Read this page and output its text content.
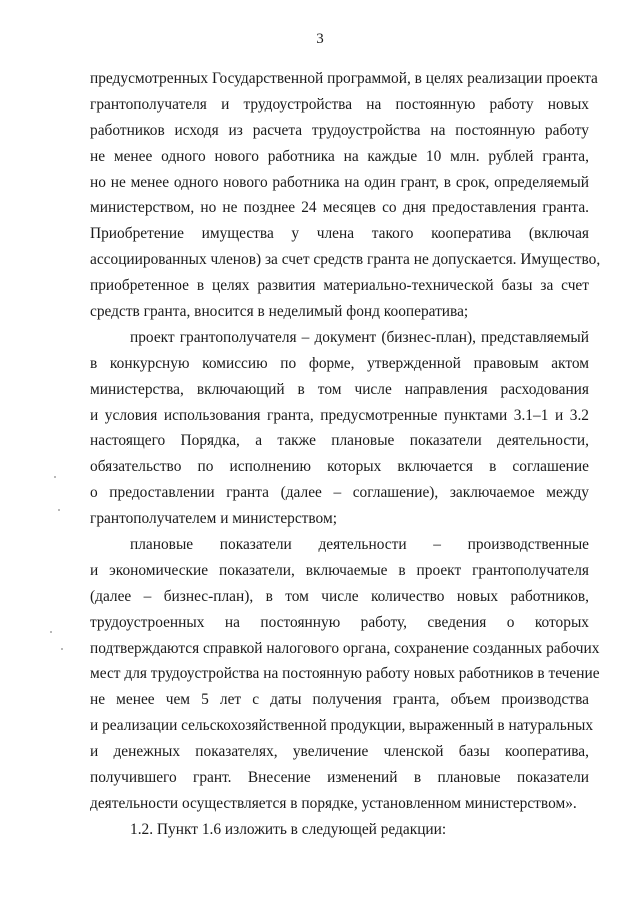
3
предусмотренных Государственной программой, в целях реализации проекта
грантополучателя и трудоустройства на постоянную работу новых
работников исходя из расчета трудоустройства на постоянную работу
не менее одного нового работника на каждые 10 млн. рублей гранта,
но не менее одного нового работника на один грант, в срок, определяемый
министерством, но не позднее 24 месяцев со дня предоставления гранта.
Приобретение имущества у члена такого кооператива (включая
ассоциированных членов) за счет средств гранта не допускается. Имущество,
приобретенное в целях развития материально-технической базы за счет
средств гранта, вносится в неделимый фонд кооператива;
проект грантополучателя – документ (бизнес-план), представляемый
в конкурсную комиссию по форме, утвержденной правовым актом
министерства, включающий в том числе направления расходования
и условия использования гранта, предусмотренные пунктами 3.1–1 и 3.2
настоящего Порядка, а также плановые показатели деятельности,
обязательство по исполнению которых включается в соглашение
о предоставлении гранта (далее – соглашение), заключаемое между
грантополучателем и министерством;
плановые показатели деятельности – производственные
и экономические показатели, включаемые в проект грантополучателя
(далее – бизнес-план), в том числе количество новых работников,
трудоустроенных на постоянную работу, сведения о которых
подтверждаются справкой налогового органа, сохранение созданных рабочих
мест для трудоустройства на постоянную работу новых работников в течение
не менее чем 5 лет с даты получения гранта, объем производства
и реализации сельскохозяйственной продукции, выраженный в натуральных
и денежных показателях, увеличение членской базы кооператива,
получившего грант. Внесение изменений в плановые показатели
деятельности осуществляется в порядке, установленном министерством».
1.2. Пункт 1.6 изложить в следующей редакции:
